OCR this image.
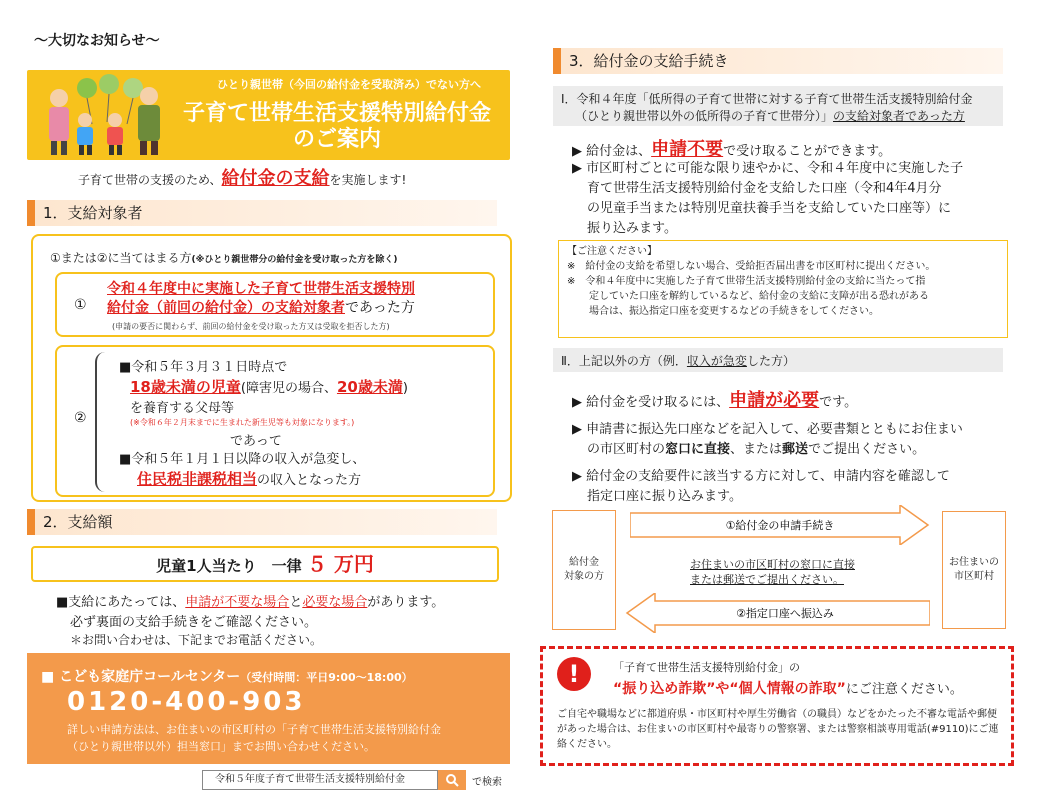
〜大切なお知らせ〜
ひとり親世帯（今回の給付金を受取済み）でない方へ
子育て世帯生活支援特別給付金
のご案内
子育て世帯の支援のため、給付金の支給を実施します!
1．支給対象者
①または②に当てはまる方(※ひとり親世帯分の給付金を受け取った方を除く)
①
令和４年度中に実施した子育て世帯生活支援特別
給付金（前回の給付金）の支給対象者であった方
(申請の要否に関わらず、前回の給付金を受け取った方又は受取を拒否した方)
②
■令和５年３月３１日時点で
18歳未満の児童(障害児の場合、20歳未満)
を養育する父母等
(※令和６年２月末までに生まれた新生児等も対象になります。)
であって
■令和５年１月１日以降の収入が急変し、
住民税非課税相当の収入となった方
2．支給額
児童1人当たり　一律 ５ 万円
■支給にあたっては、申請が不要な場合と必要な場合があります。
必ず裏面の支給手続きをご確認ください。
＊お問い合わせは、下記までお電話ください。
■ こども家庭庁コールセンター（受付時間：平日9:00〜18:00）
0120-400-903
詳しい申請方法は、お住まいの市区町村の「子育て世帯生活支援特別給付金
（ひとり親世帯以外）担当窓口」までお問い合わせください。
令和５年度子育て世帯生活支援特別給付金	で検索
3．給付金の支給手続き
Ⅰ．令和４年度「低所得の子育て世帯に対する子育て世帯生活支援特別給付金
（ひとり親世帯以外の低所得の子育て世帯分）」の支給対象者であった方
▶ 給付金は、申請不要で受け取ることができます。
▶ 市区町村ごとに可能な限り速やかに、令和４年度中に実施した子
育て世帯生活支援特別給付金を支給した口座（令和4年4月分
の児童手当または特別児童扶養手当を支給していた口座等）に
振り込みます。
【ご注意ください】
※　給付金の支給を希望しない場合、受給拒否届出書を市区町村に提出ください。
※　令和４年度中に実施した子育て世帯生活支援特別給付金の支給に当たって指
定していた口座を解約しているなど、給付金の支給に支障が出る恐れがある
場合は、振込指定口座を変更するなどの手続きをしてください。
Ⅱ．上記以外の方（例．収入が急変した方）
▶ 給付金を受け取るには、申請が必要です。
▶ 申請書に振込先口座などを記入して、必要書類とともにお住まい
の市区町村の窓口に直接、または郵送でご提出ください。
▶ 給付金の支給要件に該当する方に対して、申請内容を確認して
指定口座に振り込みます。
給付金
対象の方
お住まいの
市区町村
①給付金の申請手続き
お住まいの市区町村の窓口に直接
または郵送でご提出ください。
②指定口座へ振込み
!	「子育て世帯生活支援特別給付金」の
“振り込め詐欺”や“個人情報の詐取”にご注意ください。
ご自宅や職場などに都道府県・市区町村や厚生労働省（の職員）などをかたった不審な電話や郵便があった場合は、お住まいの市区町村や最寄りの警察署、または警察相談専用電話(#9110)にご連絡ください。
